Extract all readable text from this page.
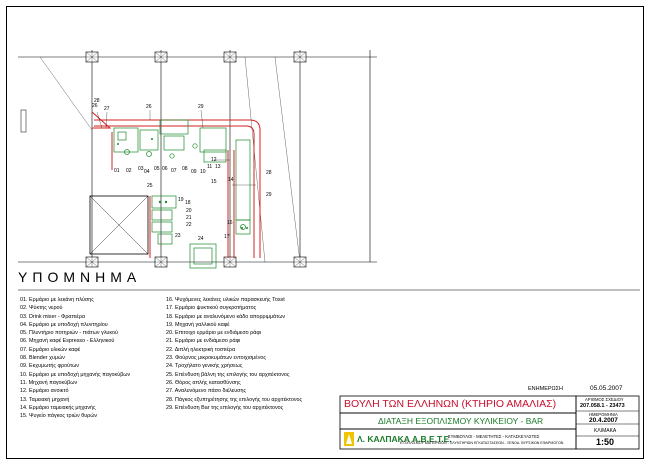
26
28
27	26	29
01 02 03 04 05 06 07 08 09 10
11
12
13
28
29
15 14
25
19 18
20
21
22
23
16
17
24
ΥΠΟΜΝΗΜΑ
01. Ερμάριο με λεκάνη πλύσης
02. Ψύκτης νερού
03. Drink mixer - Φραπιέρα
04. Ερμάριο με υποδοχή πλυντηρίου
05. Πλυντήριο ποτηριών - πιάτων γλυκού
06. Μηχανή καφέ Espresso - Ελληνικού
07. Ερμάριο υλικών καφέ
08. Blender χυμών
09. Εκχυμωτής φρούτων
10. Ερμάριο με υποδοχή μηχανής παγοκύβων
11. Μηχανή παγοκύβων
12. Ερμάριο ανοικτό
13. Ταμειακή μηχανή
14. Ερμάριο ταμειακής μηχανής
15. Ψυγείο πάγκος τριών θυρών
16. Ψυχόμενες λεκάνες υλικών παρασκευής Tosst
17. Ερμάριο ψυκτικού συγκροτήματος
18. Ερμάριο με αναλυνόμενο κάδο απορριμμάτων
19. Μηχανή γαλλικού καφέ
20. Επιτοιχο ερμάριο με ενδιάμεσο ράφι
21. Ερμάριο με ενδιάμεσο ράφι
22. Διπλή ηλεκτρική τοστιέρα
23. Φούρνος μικροκυμάτων εντοιχισμένος
24. Τροχήλατο γενικής χρήσεως
25. Επένδυση βάλνη της επιλογής του αρχιτέκτονος
26. Θόρος απλής κατασθύνσης
27. Αναλυνόμενο πάσο διέλευσης
28. Πάγκος εξυπηρέτησης της επιλογής του αρχιτέκτονος
29. Επένδυση Bar της επιλογής του αρχιτέκτονος
ΕΝΗΜΕΡΩΣΗ	05.05.2007
ΒΟΥΛΗ ΤΩΝ ΕΛΛΗΝΩΝ (ΚΤΗΡΙΟ ΑΜΑΛΙΑΣ)
ΔΙΑΤΑΞΗ ΕΞΟΠΛΙΣΜΟΥ ΚΥΛΙΚΕΙΟΥ - BAR
Λ. ΚΑΛΠΑΚΑ Α.Β.Ε.Τ.Ε.
ΣΥΜΒΟΥΛΟΙ - ΜΕΛΕΤΗΤΕΣ - ΚΑΤΑΣΚΕΥΑΣΤΕΣ
ΕΞΟΠΛΙΣΜΟΥ ΜΑΓΕΙΡΕΙΩΝ - ΠΛΥΝΤΗΡΙΩΝ ΕΓΚΑΤΑΣΤΑΣΕΩΝ - ΞΕΝΟΔ. ΒΥΡΣΙΚΩΝ ΕΦΑΡΜΟΓΩΝ
ΑΡΙΘΜΟΣ ΣΧΕΔΙΟΥ
207.058.1 - 23473
ΗΜΕΡΟΜΗΝΙΑ
20.4.2007
ΚΛΙΜΑΚΑ
1:50
